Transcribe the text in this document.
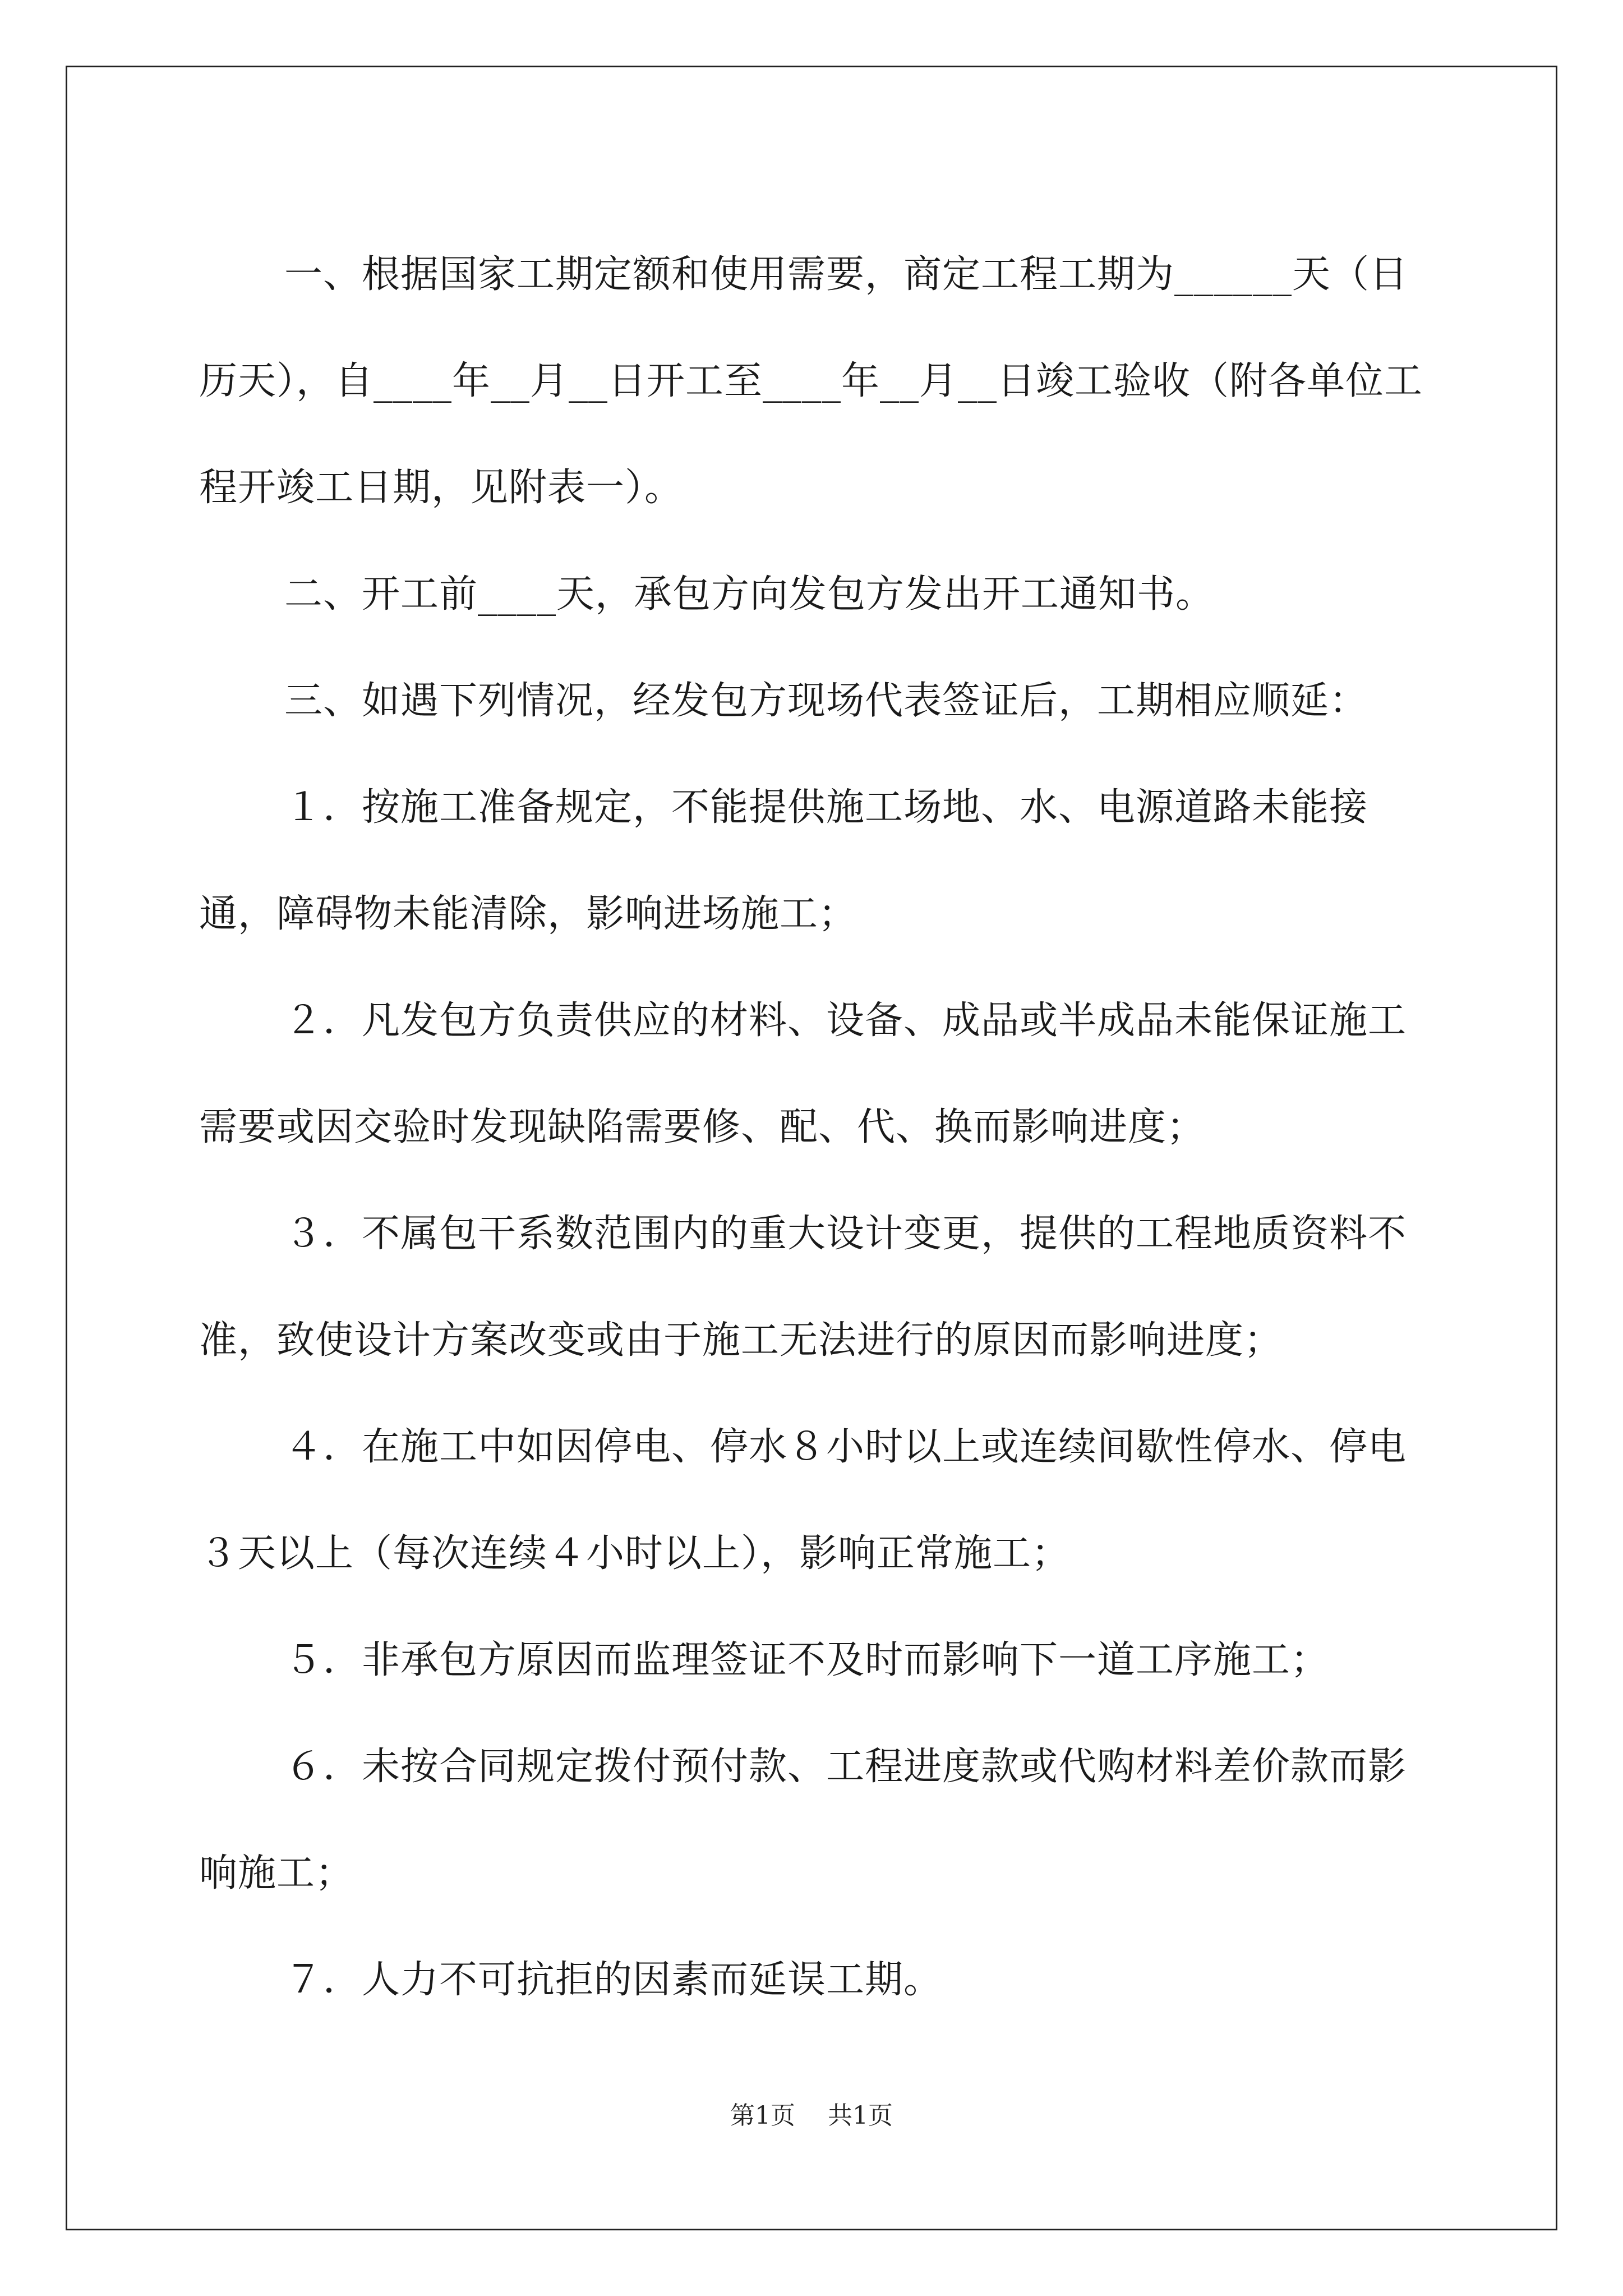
一、根据国家工期定额和使用需要，商定工程工期为______天（日历天），自____年__月__日开工至____年__月__日竣工验收（附各单位工程开竣工日期，见附表一）。

二、开工前____天，承包方向发包方发出开工通知书。

三、如遇下列情况，经发包方现场代表签证后，工期相应顺延：

１．按施工准备规定，不能提供施工场地、水、电源道路未能接通，障碍物未能清除，影响进场施工；

２．凡发包方负责供应的材料、设备、成品或半成品未能保证施工需要或因交验时发现缺陷需要修、配、代、换而影响进度；

３．不属包干系数范围内的重大设计变更，提供的工程地质资料不准，致使设计方案改变或由于施工无法进行的原因而影响进度；

４．在施工中如因停电、停水８小时以上或连续间歇性停水、停电３天以上（每次连续４小时以上），影响正常施工；

５．非承包方原因而监理签证不及时而影响下一道工序施工；

６．未按合同规定拨付预付款、工程进度款或代购材料差价款而影响施工；

７．人力不可抗拒的因素而延误工期。

第1页 共1页
